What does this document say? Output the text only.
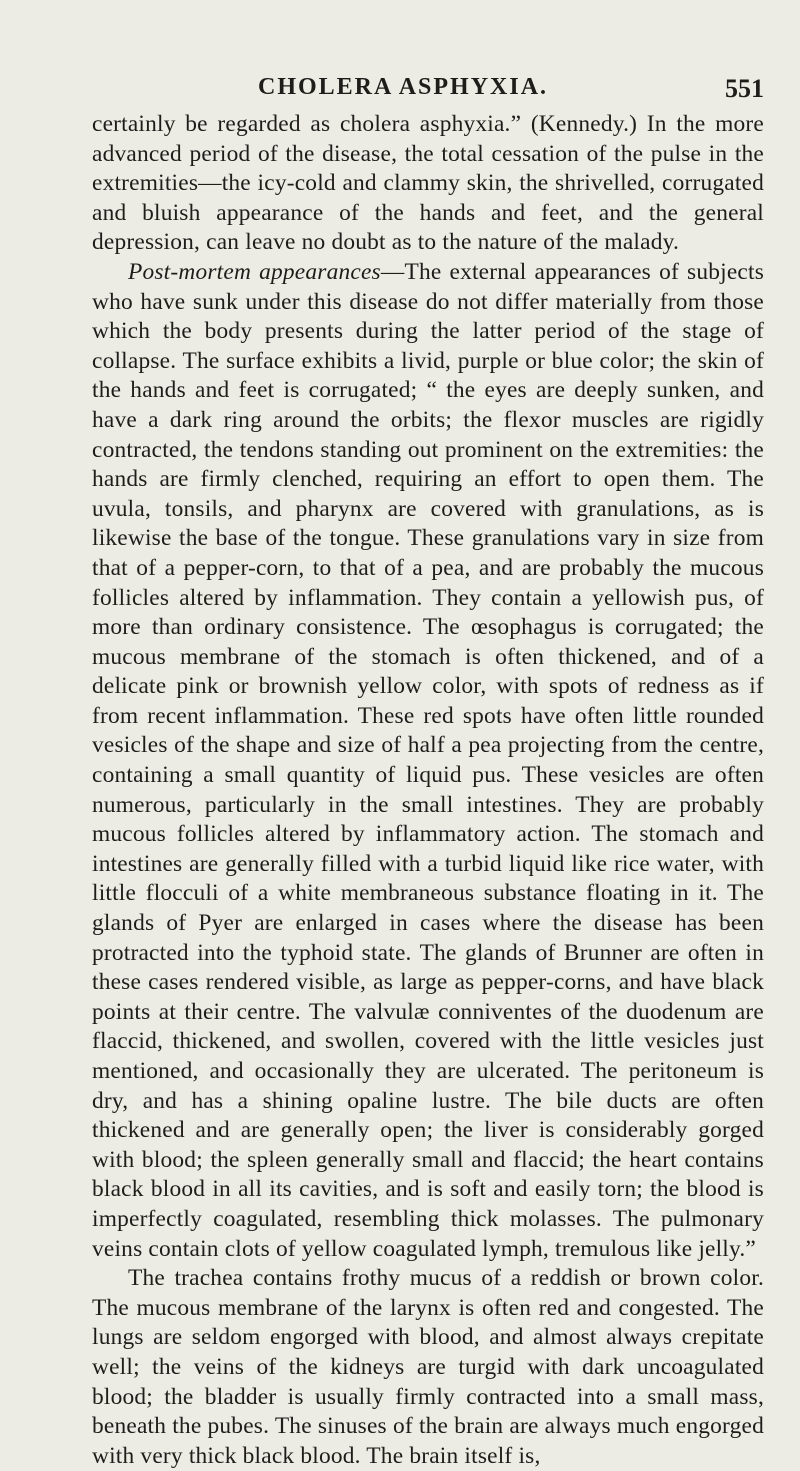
CHOLERA ASPHYXIA.	551

certainly be regarded as cholera asphyxia.” (Kennedy.) In the more advanced period of the disease, the total cessation of the pulse in the extremities—the icy-cold and clammy skin, the shrivelled, corrugated and bluish appearance of the hands and feet, and the general depression, can leave no doubt as to the nature of the malady.

Post-mortem appearances—The external appearances of subjects who have sunk under this disease do not differ materially from those which the body presents during the latter period of the stage of collapse. The surface exhibits a livid, purple or blue color; the skin of the hands and feet is corrugated; “ the eyes are deeply sunken, and have a dark ring around the orbits; the flexor muscles are rigidly contracted, the tendons standing out prominent on the extremities: the hands are firmly clenched, requiring an effort to open them. The uvula, tonsils, and pharynx are covered with granulations, as is likewise the base of the tongue. These granulations vary in size from that of a pepper-corn, to that of a pea, and are probably the mucous follicles altered by inflammation. They contain a yellowish pus, of more than ordinary consistence. The œsophagus is corrugated; the mucous membrane of the stomach is often thickened, and of a delicate pink or brownish yellow color, with spots of redness as if from recent inflammation. These red spots have often little rounded vesicles of the shape and size of half a pea projecting from the centre, containing a small quantity of liquid pus. These vesicles are often numerous, particularly in the small intestines. They are probably mucous follicles altered by inflammatory action. The stomach and intestines are generally filled with a turbid liquid like rice water, with little flocculi of a white membraneous substance floating in it. The glands of Pyer are enlarged in cases where the disease has been protracted into the typhoid state. The glands of Brunner are often in these cases rendered visible, as large as pepper-corns, and have black points at their centre. The valvulæ conniventes of the duodenum are flaccid, thickened, and swollen, covered with the little vesicles just mentioned, and occasionally they are ulcerated. The peritoneum is dry, and has a shining opaline lustre. The bile ducts are often thickened and are generally open; the liver is considerably gorged with blood; the spleen generally small and flaccid; the heart contains black blood in all its cavities, and is soft and easily torn; the blood is imperfectly coagulated, resembling thick molasses. The pulmonary veins contain clots of yellow coagulated lymph, tremulous like jelly.”

The trachea contains frothy mucus of a reddish or brown color. The mucous membrane of the larynx is often red and congested. The lungs are seldom engorged with blood, and almost always crepitate well; the veins of the kidneys are turgid with dark uncoagulated blood; the bladder is usually firmly contracted into a small mass, beneath the pubes. The sinuses of the brain are always much engorged with very thick black blood. The brain itself is,
